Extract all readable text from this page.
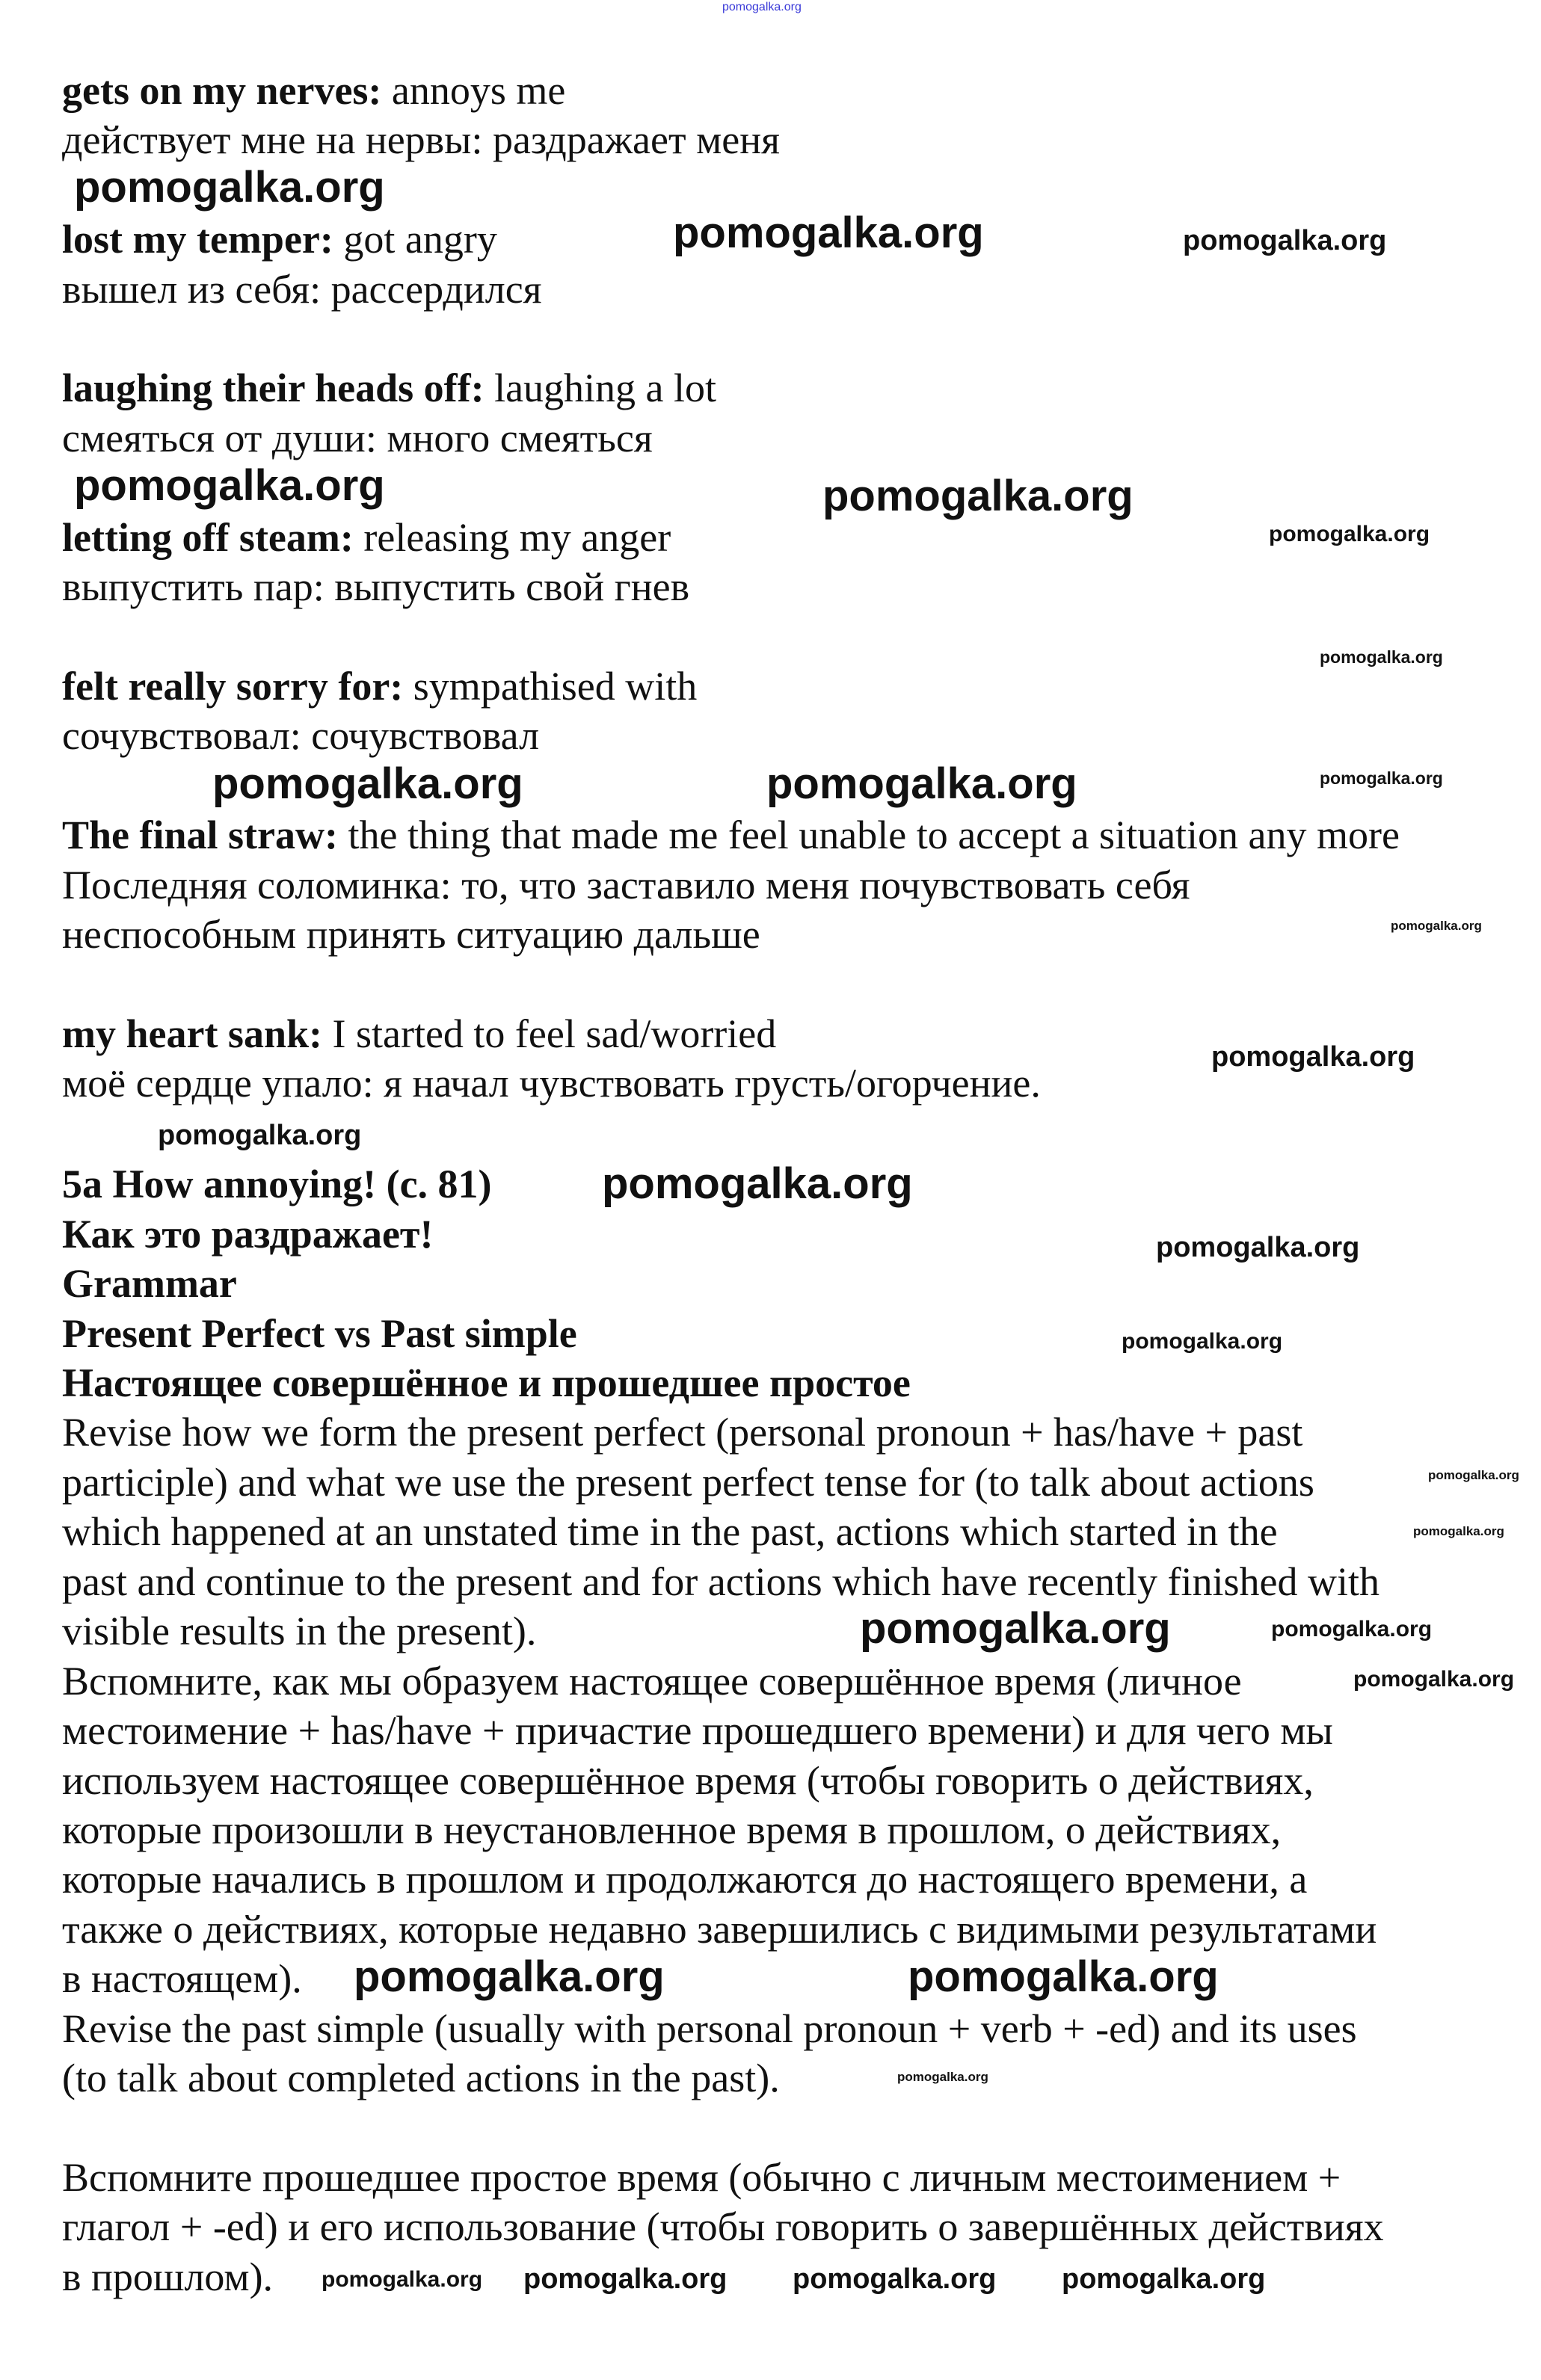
gets on my nerves: annoys me
действует мне на нервы: раздражает меня
lost my temper: got angry
вышел из себя: рассердился
laughing their heads off: laughing a lot
смеяться от души: много смеяться
letting off steam: releasing my anger
выпустить пар: выпустить свой гнев
felt really sorry for: sympathised with
сочувствовал: сочувствовал
The final straw: the thing that made me feel unable to accept a situation any more
Последняя соломинка: то, что заставило меня почувствовать себя
неспособным принять ситуацию дальше
my heart sank: I started to feel sad/worried
моё сердце упало: я начал чувствовать грусть/огорчение.
5a How annoying! (c. 81)
Как это раздражает!
Grammar
Present Perfect vs Past simple
Настоящее совершённое и прошедшее простое
Revise how we form the present perfect (personal pronoun + has/have + past
participle) and what we use the present perfect tense for (to talk about actions
which happened at an unstated time in the past, actions which started in the
past and continue to the present and for actions which have recently finished with
visible results in the present).
Вспомните, как мы образуем настоящее совершённое время (личное
местоимение + has/have + причастие прошедшего времени) и для чего мы
используем настоящее совершённое время (чтобы говорить о действиях,
которые произошли в неустановленное время в прошлом, о действиях,
которые начались в прошлом и продолжаются до настоящего времени, а
также о действиях, которые недавно завершились с видимыми результатами
в настоящем).
Revise the past simple (usually with personal pronoun + verb + -ed) and its uses
(to talk about completed actions in the past).
Вспомните прошедшее простое время (обычно с личным местоимением +
глагол + -ed) и его использование (чтобы говорить о завершённых действиях
в прошлом).
pomogalka.org
pomogalka.org
pomogalka.org	pomogalka.org
pomogalka.org	pomogalka.org
pomogalka.org
pomogalka.org
pomogalka.org	pomogalka.org	pomogalka.org
pomogalka.org
pomogalka.org
pomogalka.org
pomogalka.org
pomogalka.org
pomogalka.org
pomogalka.org
pomogalka.org
pomogalka.org	pomogalka.org
pomogalka.org
pomogalka.org
pomogalka.org	pomogalka.org
pomogalka.org pomogalka.org pomogalka.org pomogalka.org
